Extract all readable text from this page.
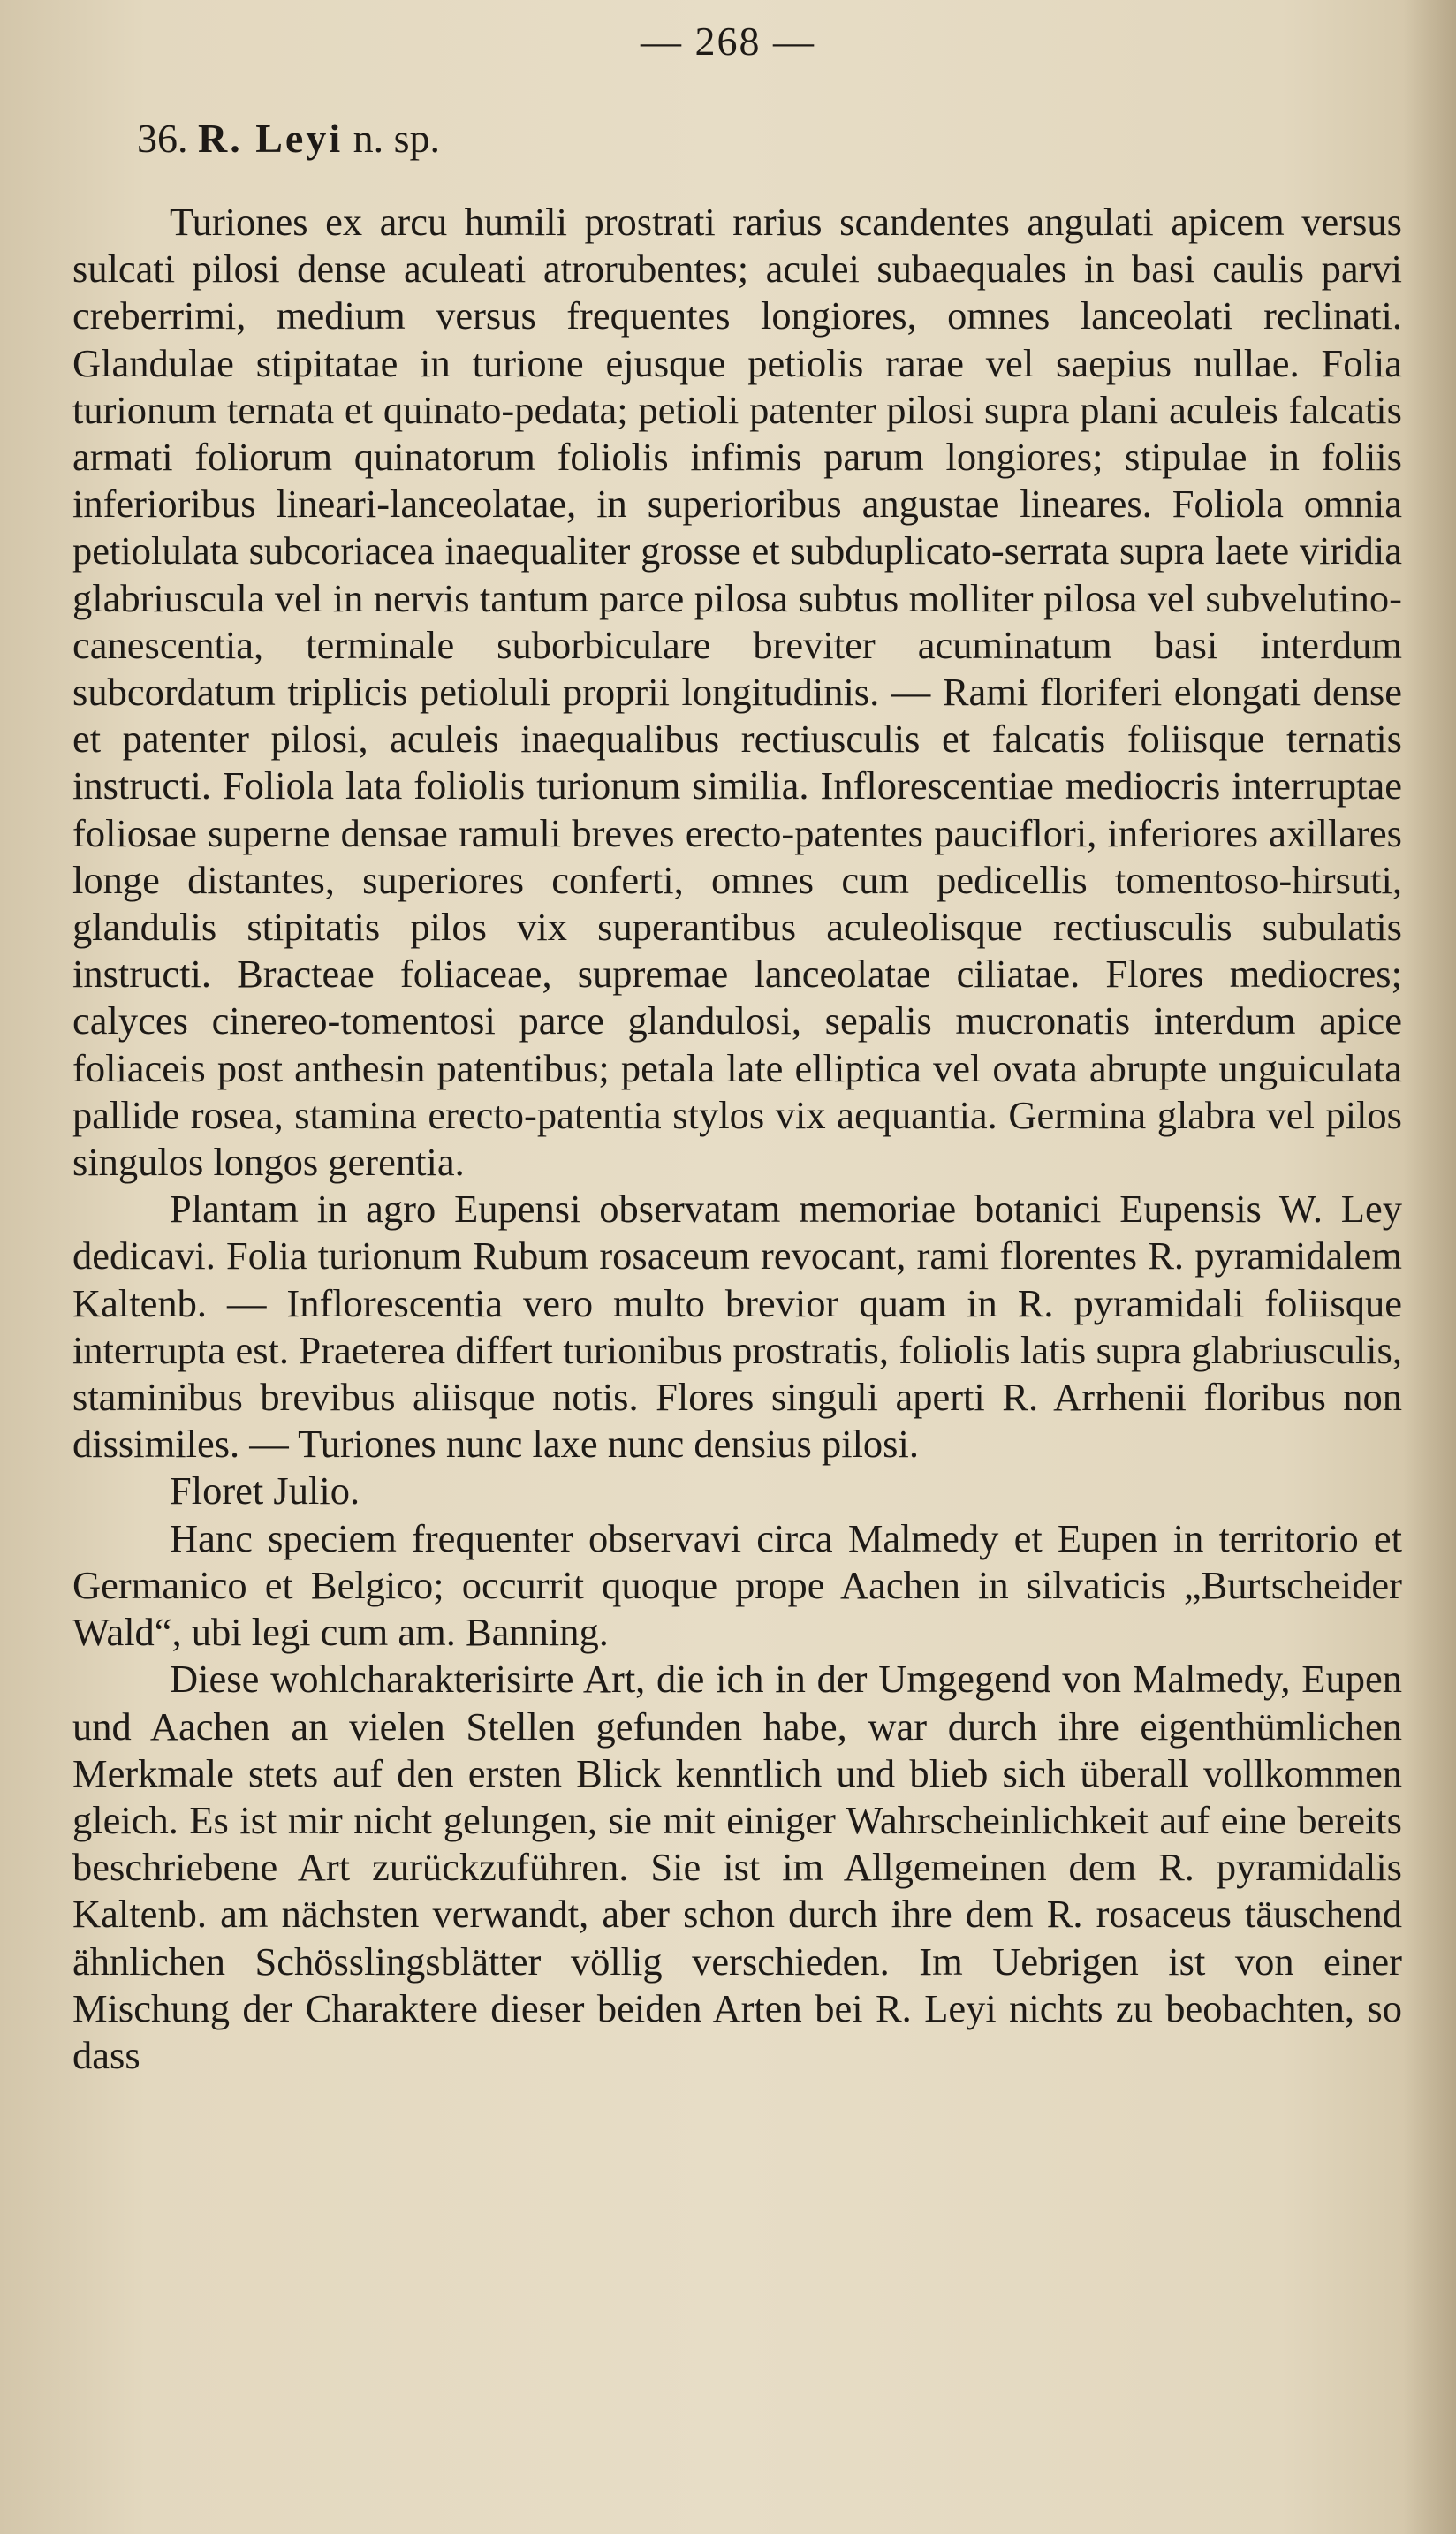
— 268 —
36. R. Leyi n. sp.

Turiones ex arcu humili prostrati rarius scandentes angulati apicem versus sulcati pilosi dense aculeati atrorubentes; aculei subaequales in basi caulis parvi creberrimi, medium versus frequentes longiores, omnes lanceolati reclinati. Glandulae stipitatae in turione ejusque petiolis rarae vel saepius nullae. Folia turionum ternata et quinato-pedata; petioli patenter pilosi supra plani aculeis falcatis armati foliorum quinatorum foliolis infimis parum longiores; stipulae in foliis inferioribus lineari-lanceolatae, in superioribus angustae lineares. Foliola omnia petiolulata subcoriacea inaequaliter grosse et subduplicato-serrata supra laete viridia glabriuscula vel in nervis tantum parce pilosa subtus molliter pilosa vel subvelutino-canescentia, terminale suborbiculare breviter acuminatum basi interdum subcordatum triplicis petioluli proprii longitudinis. — Rami floriferi elongati dense et patenter pilosi, aculeis inaequalibus rectiusculis et falcatis foliisque ternatis instructi. Foliola lata foliolis turionum similia. Inflorescentiae mediocris interruptae foliosae superne densae ramuli breves erecto-patentes pauciflori, inferiores axillares longe distantes, superiores conferti, omnes cum pedicellis tomentoso-hirsuti, glandulis stipitatis pilos vix superantibus aculeolisque rectiusculis subulatis instructi. Bracteae foliaceae, supremae lanceolatae ciliatae. Flores mediocres; calyces cinereo-tomentosi parce glandulosi, sepalis mucronatis interdum apice foliaceis post anthesin patentibus; petala late elliptica vel ovata abrupte unguiculata pallide rosea, stamina erecto-patentia stylos vix aequantia. Germina glabra vel pilos singulos longos gerentia.

Plantam in agro Eupensi observatam memoriae botanici Eupensis W. Ley dedicavi. Folia turionum Rubum rosaceum revocant, rami florentes R. pyramidalem Kaltenb. — Inflorescentia vero multo brevior quam in R. pyramidali foliisque interrupta est. Praeterea differt turionibus prostratis, foliolis latis supra glabriusculis, staminibus brevibus aliisque notis. Flores singuli aperti R. Arrhenii floribus non dissimiles. — Turiones nunc laxe nunc densius pilosi.

Floret Julio.

Hanc speciem frequenter observavi circa Malmedy et Eupen in territorio et Germanico et Belgico; occurrit quoque prope Aachen in silvaticis „Burtscheider Wald“, ubi legi cum am. Banning.

Diese wohlcharakterisirte Art, die ich in der Umgegend von Malmedy, Eupen und Aachen an vielen Stellen gefunden habe, war durch ihre eigenthümlichen Merkmale stets auf den ersten Blick kenntlich und blieb sich überall vollkommen gleich. Es ist mir nicht gelungen, sie mit einiger Wahrscheinlichkeit auf eine bereits beschriebene Art zurückzuführen. Sie ist im Allgemeinen dem R. pyramidalis Kaltenb. am nächsten verwandt, aber schon durch ihre dem R. rosaceus täuschend ähnlichen Schösslingsblätter völlig verschieden. Im Uebrigen ist von einer Mischung der Charaktere dieser beiden Arten bei R. Leyi nichts zu beobachten, so dass
